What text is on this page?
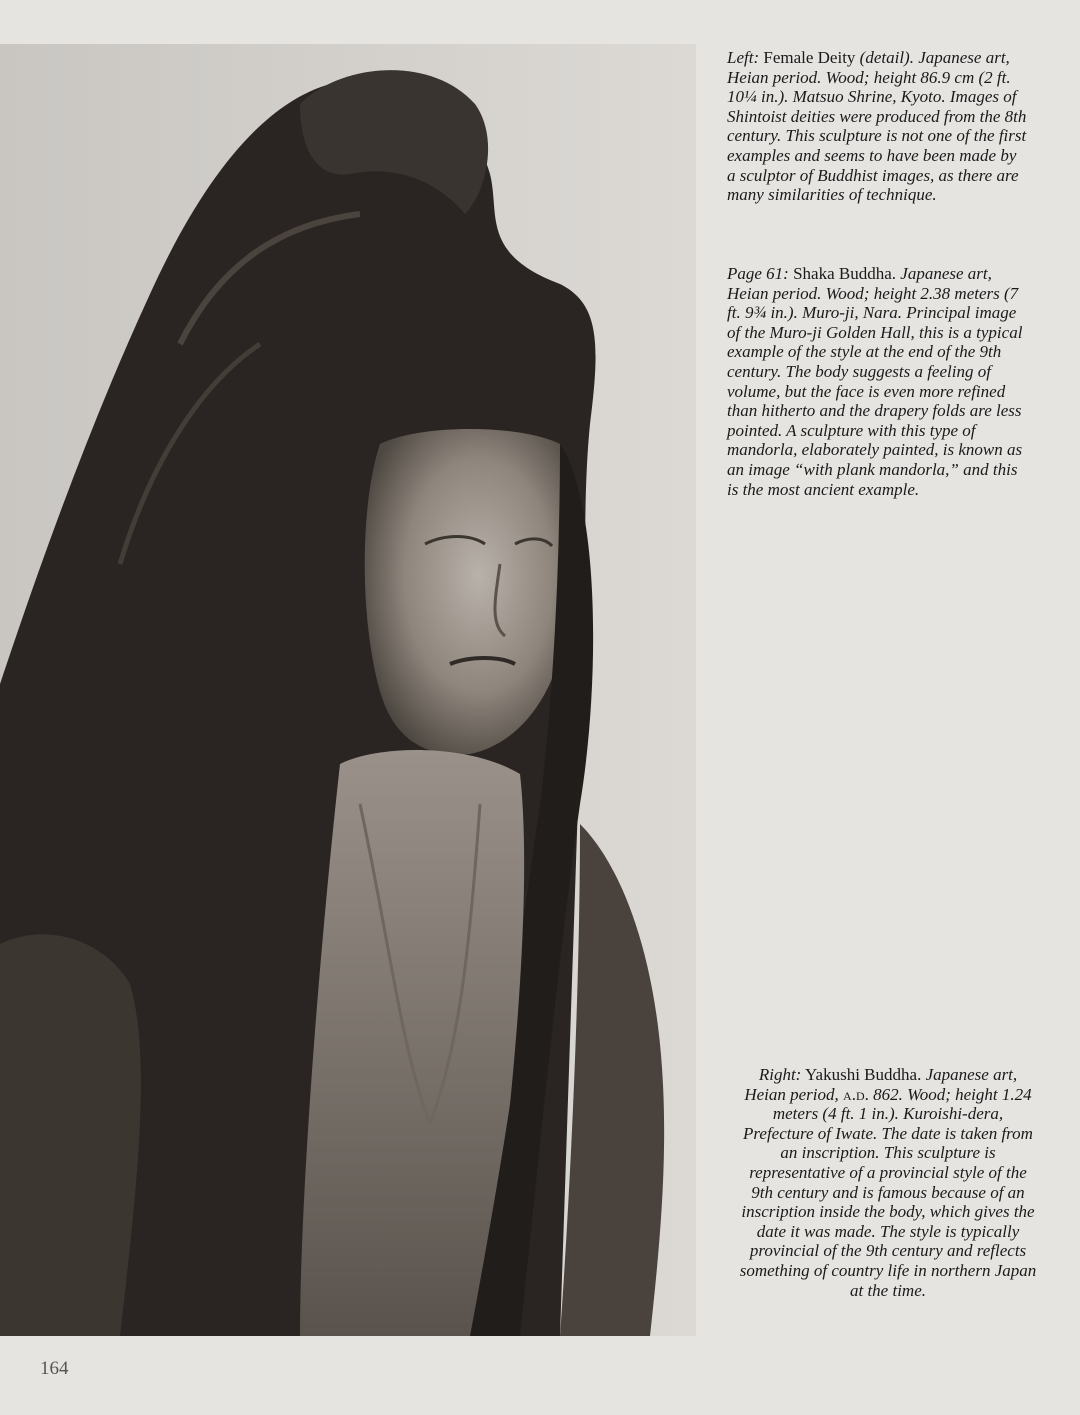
Left: Female Deity (detail). Japanese art, Heian period. Wood; height 86.9 cm (2 ft. 10¼ in.). Matsuo Shrine, Kyoto. Images of Shintoist deities were produced from the 8th century. This sculpture is not one of the first examples and seems to have been made by a sculptor of Buddhist images, as there are many similarities of technique.

Page 61: Shaka Buddha. Japanese art, Heian period. Wood; height 2.38 meters (7 ft. 9¾ in.). Muro-ji, Nara. Principal image of the Muro-ji Golden Hall, this is a typical example of the style at the end of the 9th century. The body suggests a feeling of volume, but the face is even more refined than hitherto and the drapery folds are less pointed. A sculpture with this type of mandorla, elaborately painted, is known as an image “with plank mandorla,” and this is the most ancient example.

Right: Yakushi Buddha. Japanese art, Heian period, a.d. 862. Wood; height 1.24 meters (4 ft. 1 in.). Kuroishi-dera, Prefecture of Iwate. The date is taken from an inscription. This sculpture is representative of a provincial style of the 9th century and is famous because of an inscription inside the body, which gives the date it was made. The style is typically provincial of the 9th century and reflects something of country life in northern Japan at the time.

164
